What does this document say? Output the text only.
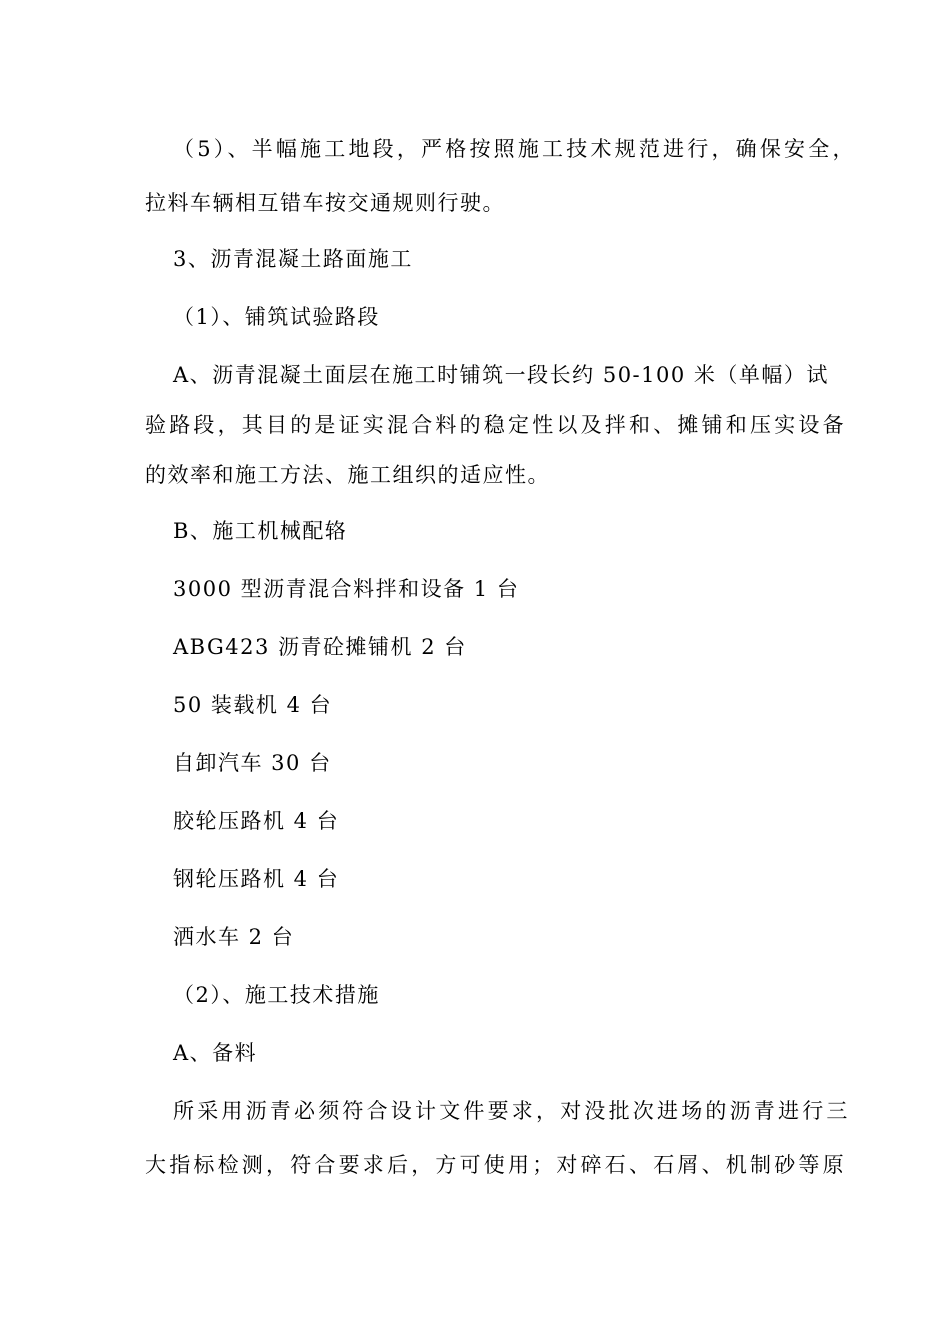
（5）、半幅施工地段，严格按照施工技术规范进行，确保安全，
拉料车辆相互错车按交通规则行驶。
3、沥青混凝土路面施工
（1）、铺筑试验路段
A、沥青混凝土面层在施工时铺筑一段长约 50-100 米（单幅）试
验路段，其目的是证实混合料的稳定性以及拌和、摊铺和压实设备
的效率和施工方法、施工组织的适应性。
B、施工机械配辂
3000 型沥青混合料拌和设备 1 台
ABG423 沥青砼摊铺机 2 台
50 装载机 4 台
自卸汽车 30 台
胶轮压路机 4 台
钢轮压路机 4 台
洒水车 2 台
（2）、施工技术措施
A、备料
所采用沥青必须符合设计文件要求，对没批次进场的沥青进行三
大指标检测，符合要求后，方可使用；对碎石、石屑、机制砂等原
